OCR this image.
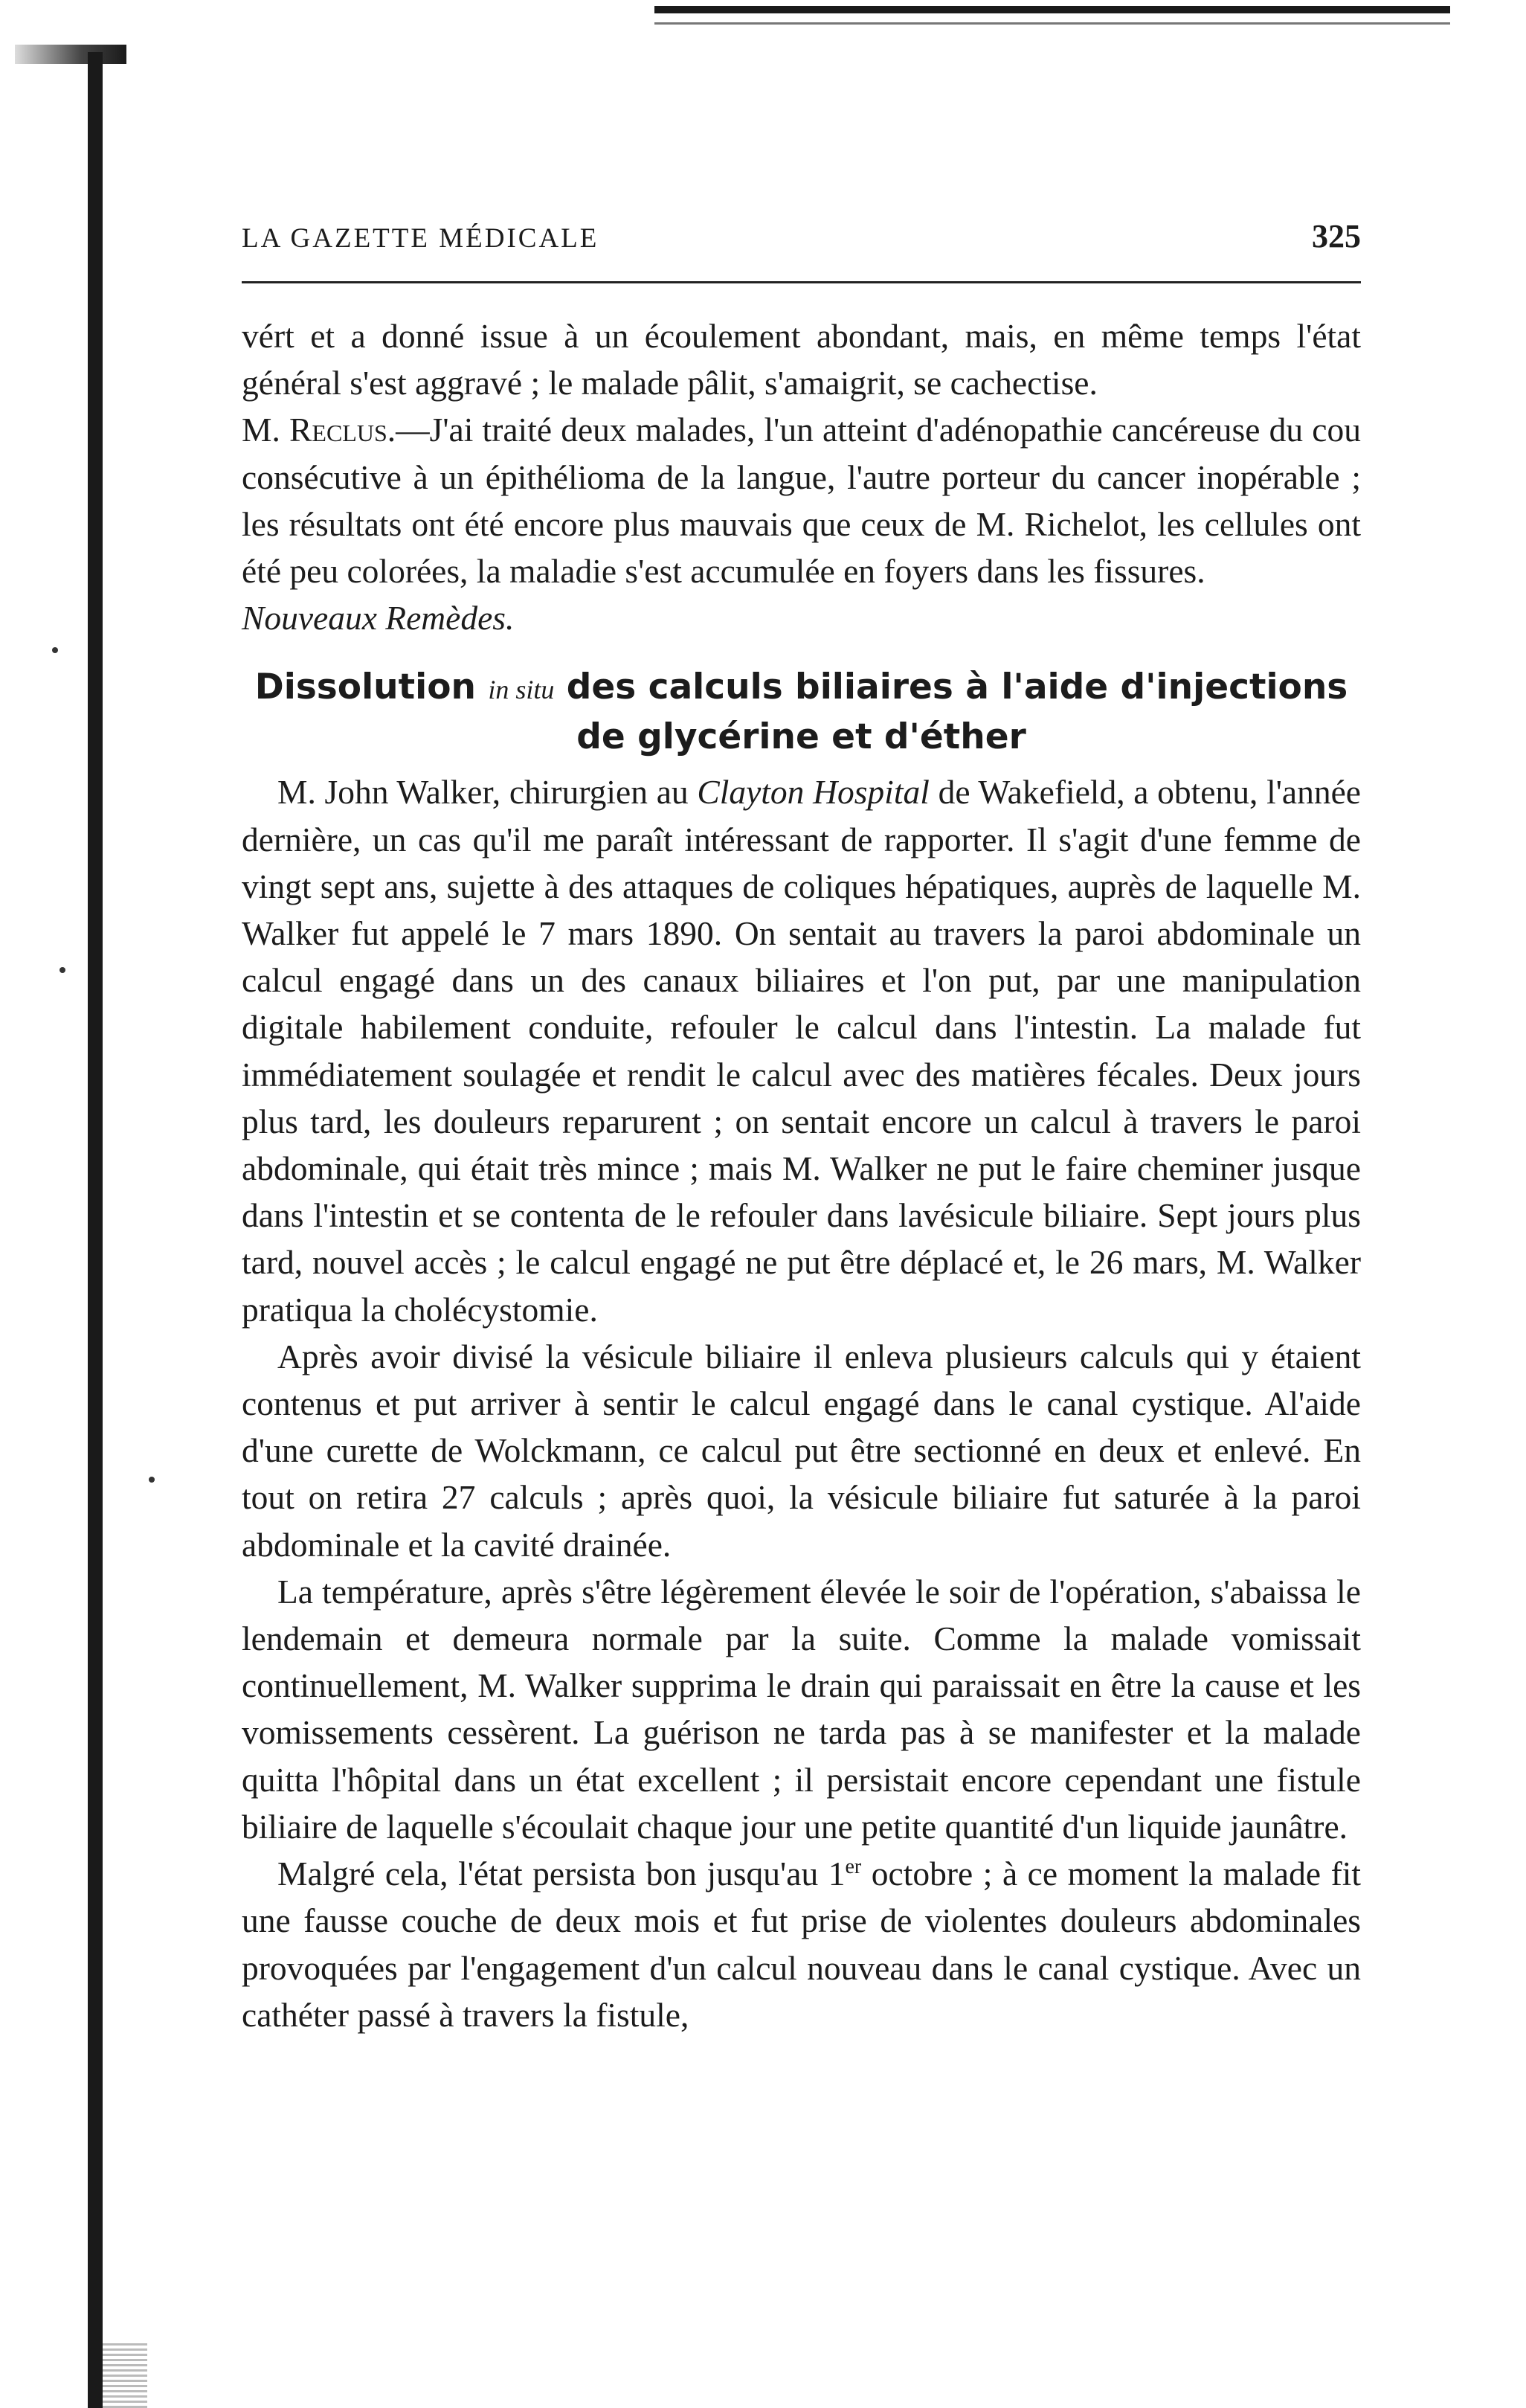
LA GAZETTE MÉDICALE	325

vért et a donné issue à un écoulement abondant, mais, en même temps l'état général s'est aggravé ; le malade pâlit, s'amaigrit, se cachectise.

M. Reclus.—J'ai traité deux malades, l'un atteint d'adénopathie cancéreuse du cou consécutive à un épithélioma de la langue, l'autre porteur du cancer inopérable ; les résultats ont été encore plus mauvais que ceux de M. Richelot, les cellules ont été peu colorées, la maladie s'est accumulée en foyers dans les fissures.

Nouveaux Remèdes.

Dissolution in situ des calculs biliaires à l'aide d'injections de glycérine et d'éther

M. John Walker, chirurgien au Clayton Hospital de Wakefield, a obtenu, l'année dernière, un cas qu'il me paraît intéressant de rapporter. Il s'agit d'une femme de vingt sept ans, sujette à des attaques de coliques hépatiques, auprès de laquelle M. Walker fut appelé le 7 mars 1890. On sentait au travers la paroi abdominale un calcul engagé dans un des canaux biliaires et l'on put, par une manipulation digitale habilement conduite, refouler le calcul dans l'intestin. La malade fut immédiatement soulagée et rendit le calcul avec des matières fécales. Deux jours plus tard, les douleurs reparurent ; on sentait encore un calcul à travers le paroi abdominale, qui était très mince ; mais M. Walker ne put le faire cheminer jusque dans l'intestin et se contenta de le refouler dans lavésicule biliaire. Sept jours plus tard, nouvel accès ; le calcul engagé ne put être déplacé et, le 26 mars, M. Walker pratiqua la cholécystomie.

Après avoir divisé la vésicule biliaire il enleva plusieurs calculs qui y étaient contenus et put arriver à sentir le calcul engagé dans le canal cystique. Al'aide d'une curette de Wolckmann, ce calcul put être sectionné en deux et enlevé. En tout on retira 27 calculs ; après quoi, la vésicule biliaire fut saturée à la paroi abdominale et la cavité drainée.

La température, après s'être légèrement élevée le soir de l'opération, s'abaissa le lendemain et demeura normale par la suite. Comme la malade vomissait continuellement, M. Walker supprima le drain qui paraissait en être la cause et les vomissements cessèrent. La guérison ne tarda pas à se manifester et la malade quitta l'hôpital dans un état excellent ; il persistait encore cependant une fistule biliaire de laquelle s'écoulait chaque jour une petite quantité d'un liquide jaunâtre.

Malgré cela, l'état persista bon jusqu'au 1er octobre ; à ce moment la malade fit une fausse couche de deux mois et fut prise de violentes douleurs abdominales provoquées par l'engagement d'un calcul nouveau dans le canal cystique. Avec un cathéter passé à travers la fistule,
